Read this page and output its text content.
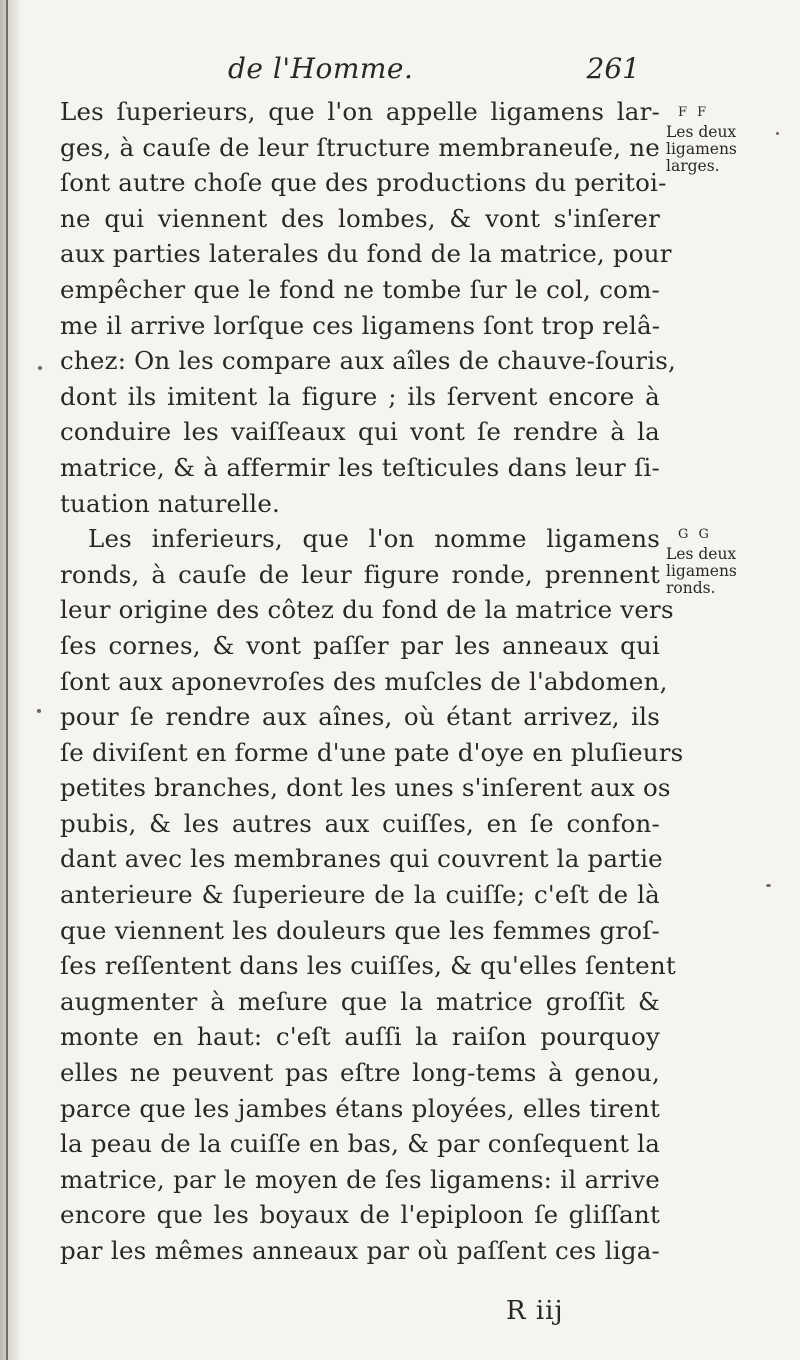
de l'Homme.	261
F F
Les deux
ligamens
larges.
G G
Les deux
ligamens
ronds.
Les ſuperieurs, que l'on appelle ligamens lar-
ges, à cauſe de leur ſtructure membraneuſe, ne
ſont autre choſe que des productions du peritoi-
ne qui viennent des lombes, & vont s'inſerer
aux parties laterales du fond de la matrice, pour
empêcher que le fond ne tombe ſur le col, com-
me il arrive lorſque ces ligamens ſont trop relâ-
chez: On les compare aux aîles de chauve-ſouris,
dont ils imitent la figure ; ils ſervent encore à
conduire les vaiſſeaux qui vont ſe rendre à la
matrice, & à affermir les teſticules dans leur ſi-
tuation naturelle.
Les inferieurs, que l'on nomme ligamens
ronds, à cauſe de leur figure ronde, prennent
leur origine des côtez du fond de la matrice vers
ſes cornes, & vont paſſer par les anneaux qui
ſont aux aponevroſes des muſcles de l'abdomen,
pour ſe rendre aux aînes, où étant arrivez, ils
ſe diviſent en forme d'une pate d'oye en pluſieurs
petites branches, dont les unes s'inſerent aux os
pubis, & les autres aux cuiſſes, en ſe confon-
dant avec les membranes qui couvrent la partie
anterieure & ſuperieure de la cuiſſe; c'eſt de là
que viennent les douleurs que les femmes groſ-
ſes reſſentent dans les cuiſſes, & qu'elles ſentent
augmenter à meſure que la matrice groſſit &
monte en haut: c'eſt auſſi la raiſon pourquoy
elles ne peuvent pas eſtre long-tems à genou,
parce que les jambes étans ployées, elles tirent
la peau de la cuiſſe en bas, & par conſequent la
matrice, par le moyen de ſes ligamens: il arrive
encore que les boyaux de l'epiploon ſe gliſſant
par les mêmes anneaux par où paſſent ces liga-
R iij
